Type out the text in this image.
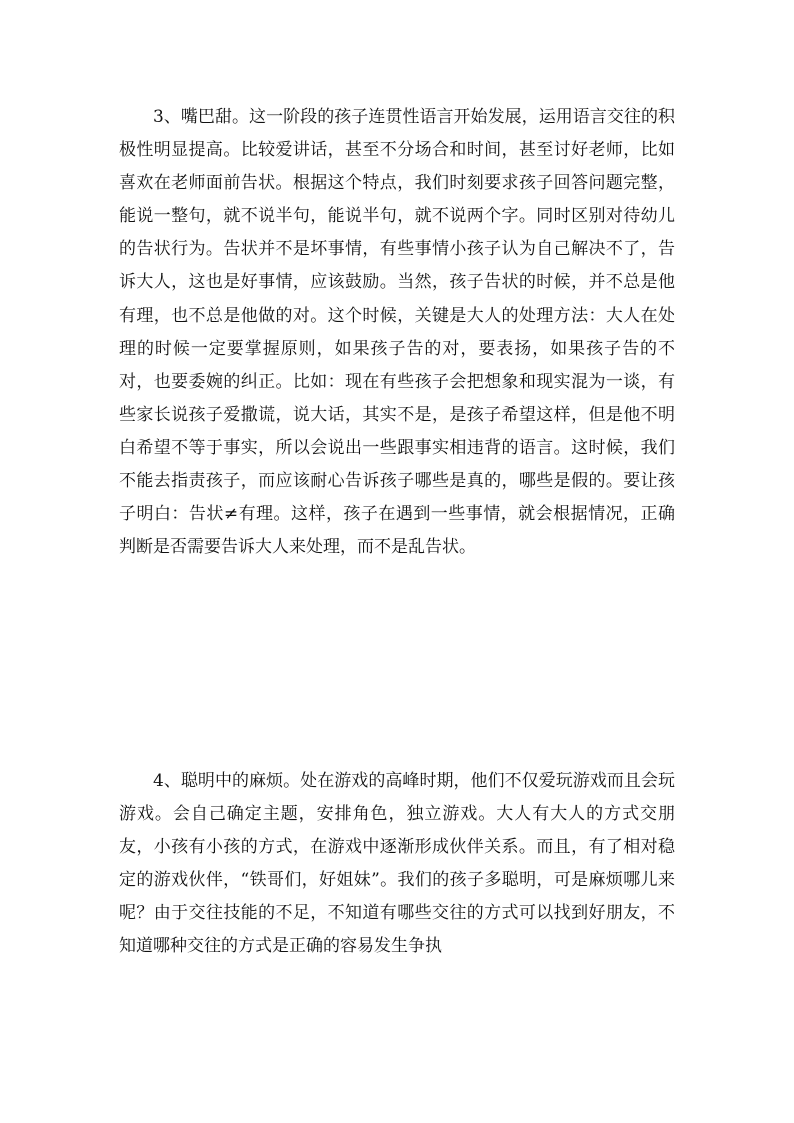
3、嘴巴甜。这一阶段的孩子连贯性语言开始发展，运用语言交往的积极性明显提高。比较爱讲话，甚至不分场合和时间，甚至讨好老师，比如喜欢在老师面前告状。根据这个特点，我们时刻要求孩子回答问题完整，能说一整句，就不说半句，能说半句，就不说两个字。同时区别对待幼儿的告状行为。告状并不是坏事情，有些事情小孩子认为自己解决不了，告诉大人，这也是好事情，应该鼓励。当然，孩子告状的时候，并不总是他有理，也不总是他做的对。这个时候，关键是大人的处理方法：大人在处理的时候一定要掌握原则，如果孩子告的对，要表扬，如果孩子告的不对，也要委婉的纠正。比如：现在有些孩子会把想象和现实混为一谈，有些家长说孩子爱撒谎，说大话，其实不是，是孩子希望这样，但是他不明白希望不等于事实，所以会说出一些跟事实相违背的语言。这时候，我们不能去指责孩子，而应该耐心告诉孩子哪些是真的，哪些是假的。要让孩子明白：告状≠有理。这样，孩子在遇到一些事情，就会根据情况，正确判断是否需要告诉大人来处理，而不是乱告状。

4、聪明中的麻烦。处在游戏的高峰时期，他们不仅爱玩游戏而且会玩游戏。会自己确定主题，安排角色，独立游戏。大人有大人的方式交朋友，小孩有小孩的方式，在游戏中逐渐形成伙伴关系。而且，有了相对稳定的游戏伙伴，“铁哥们，好姐妹”。我们的孩子多聪明，可是麻烦哪儿来呢？由于交往技能的不足，不知道有哪些交往的方式可以找到好朋友，不知道哪种交往的方式是正确的容易发生争执
